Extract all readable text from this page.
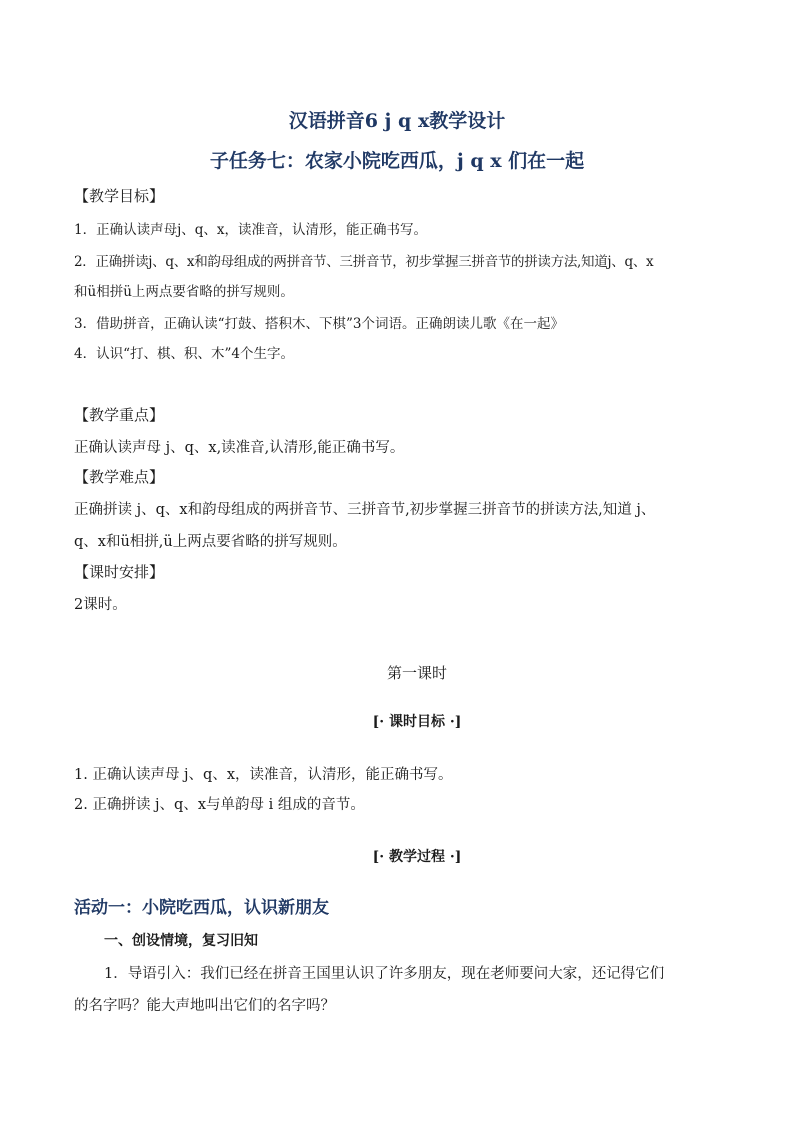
汉语拼音6 j q x教学设计

子任务七：农家小院吃西瓜，j q x 们在一起

【教学目标】

1．正确认读声母j、q、x，读准音，认清形，能正确书写。

2．正确拼读j、q、x和韵母组成的两拼音节、三拼音节，初步掌握三拼音节的拼读方法,知道j、q、x

和ü相拼ü上两点要省略的拼写规则。

3．借助拼音，正确认读“打鼓、搭积木、下棋”3个词语。正确朗读儿歌《在一起》

4．认识“打、棋、积、木”4个生字。

【教学重点】

正确认读声母 j、q、x,读准音,认清形,能正确书写。

【教学难点】

正确拼读 j、q、x和韵母组成的两拼音节、三拼音节,初步掌握三拼音节的拼读方法,知道 j、

q、x和ü相拼,ü上两点要省略的拼写规则。

【课时安排】

2课时。

第一课时

[· 课时目标 ·]

1. 正确认读声母 j、q、x，读准音，认清形，能正确书写。

2. 正确拼读 j、q、x与单韵母 i 组成的音节。

[· 教学过程 ·]

活动一：小院吃西瓜，认识新朋友

一、创设情境，复习旧知

1．导语引入：我们已经在拼音王国里认识了许多朋友，现在老师要问大家，还记得它们

的名字吗？能大声地叫出它们的名字吗？
